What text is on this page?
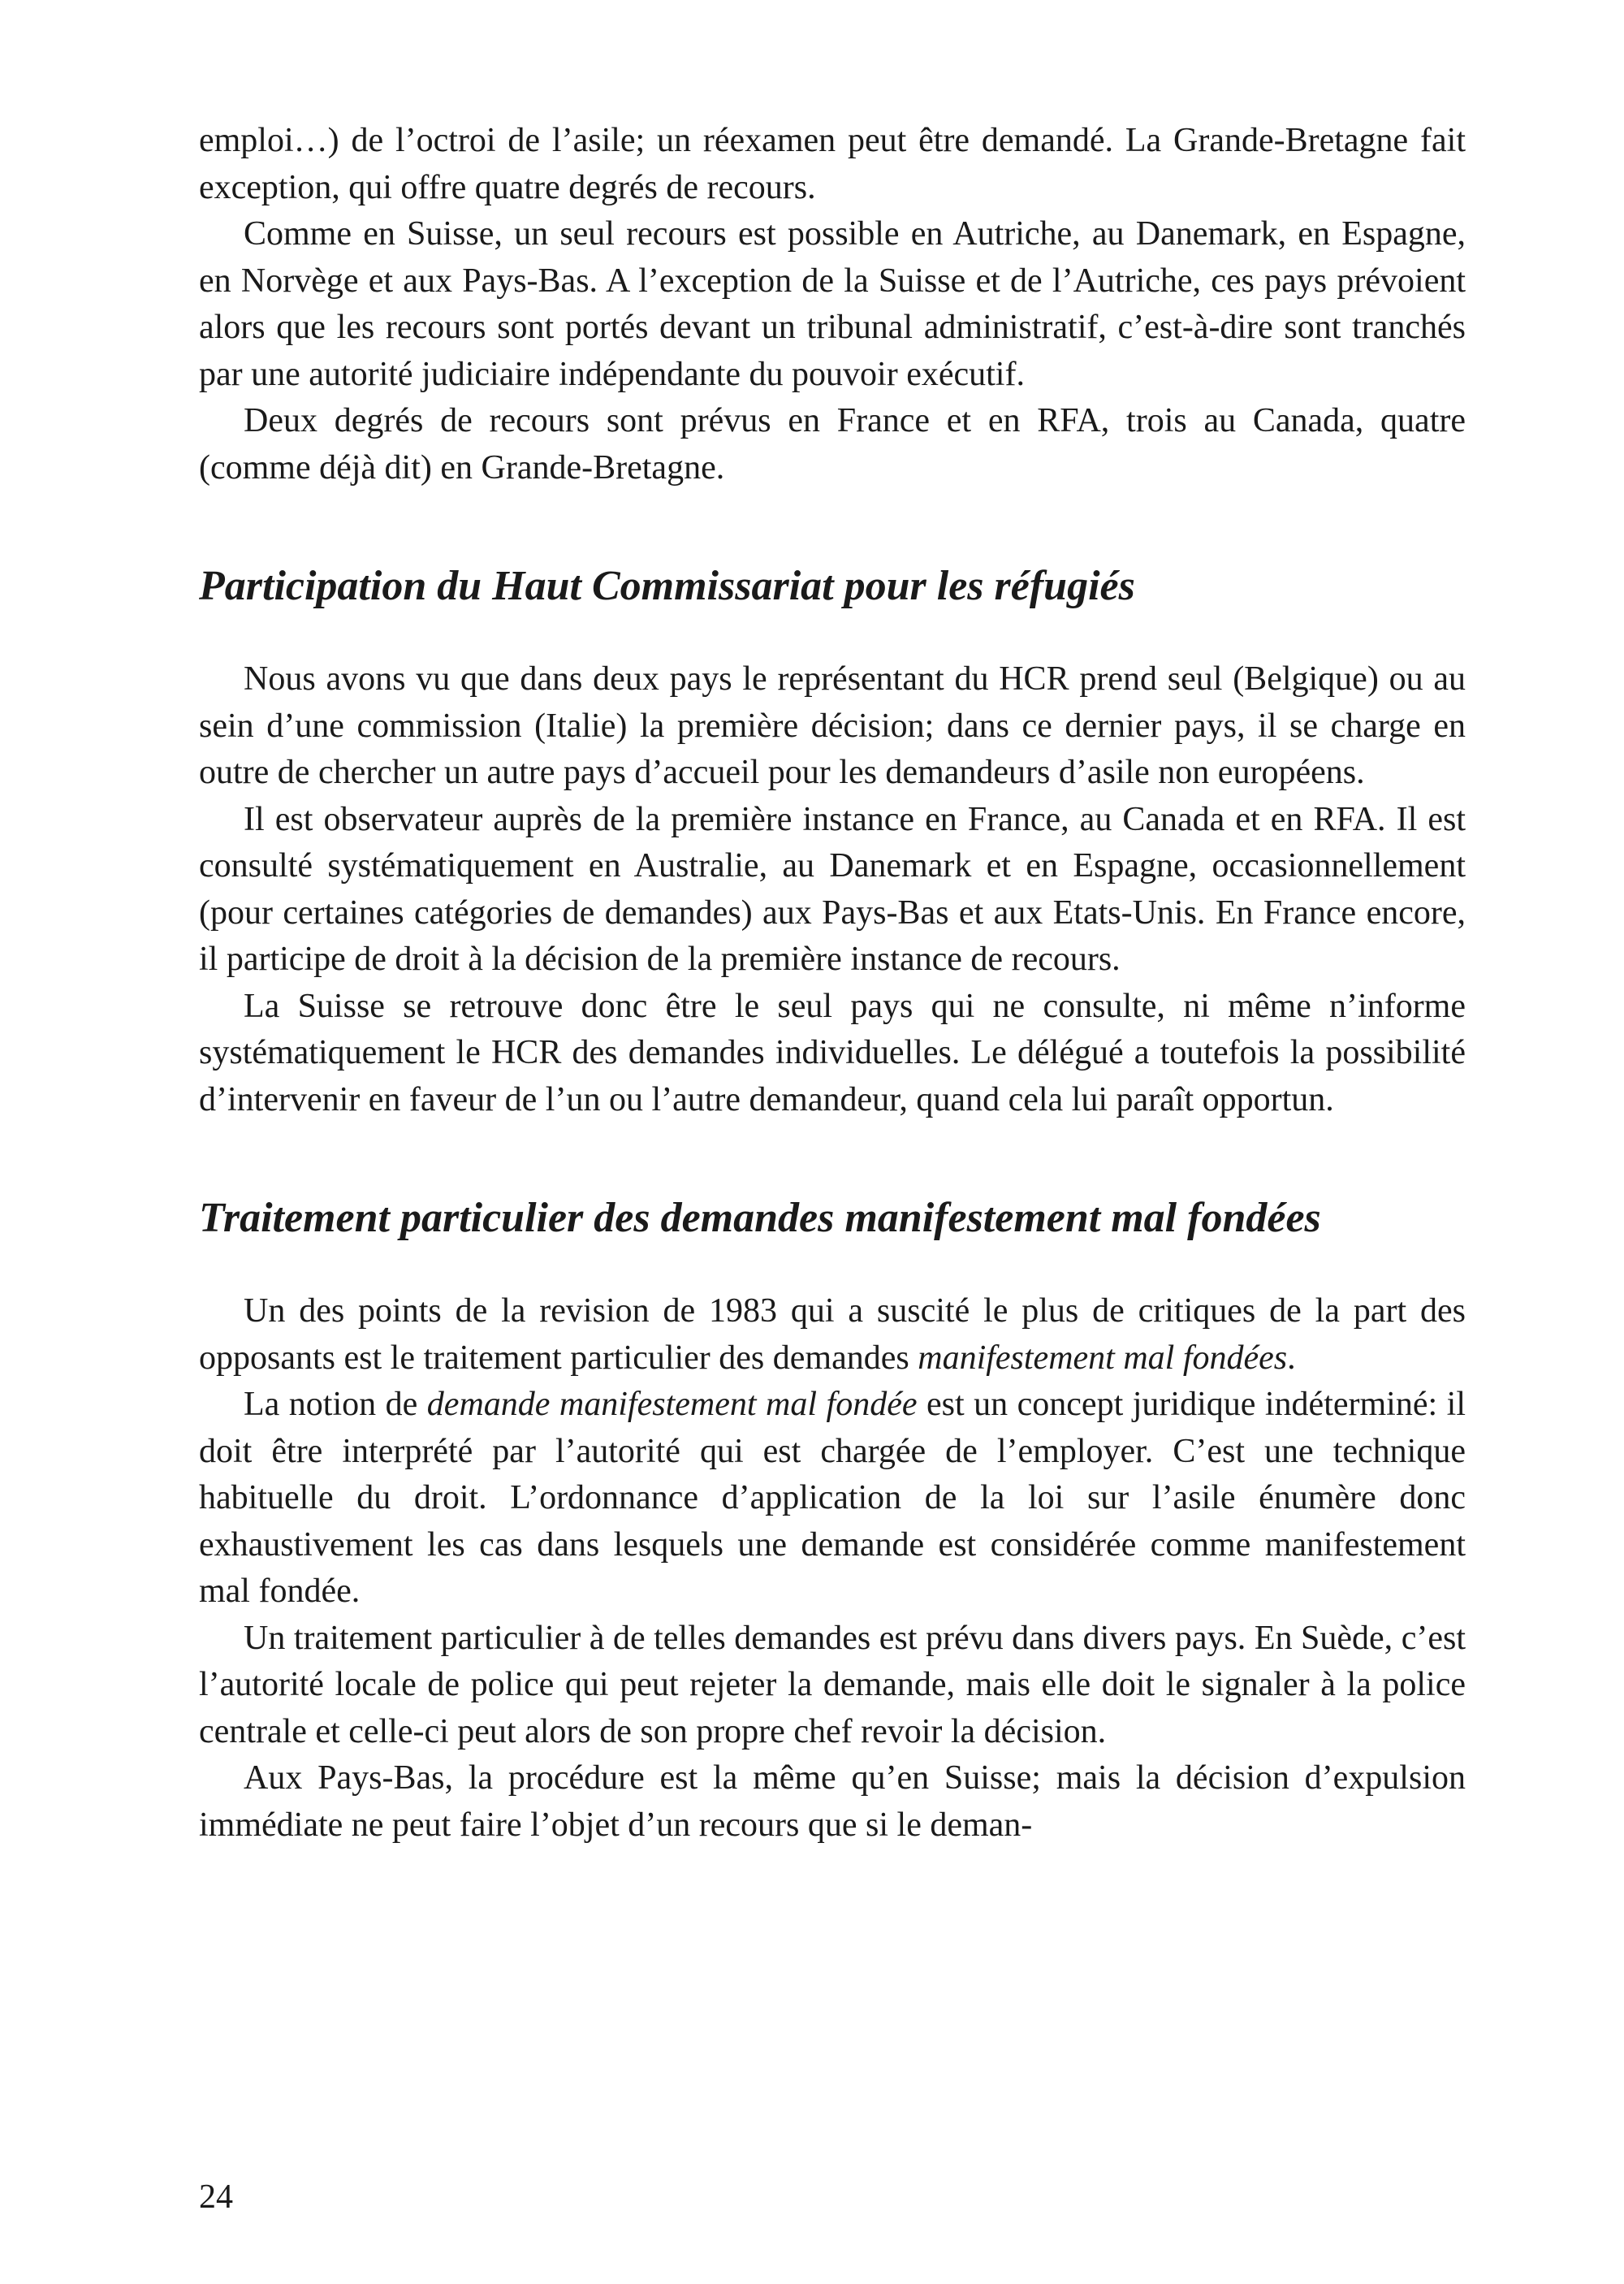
emploi…) de l’octroi de l’asile; un réexamen peut être demandé. La Grande-Bretagne fait exception, qui offre quatre degrés de recours.

Comme en Suisse, un seul recours est possible en Autriche, au Danemark, en Espagne, en Norvège et aux Pays-Bas. A l’exception de la Suisse et de l’Autriche, ces pays prévoient alors que les recours sont portés devant un tribunal administratif, c’est-à-dire sont tranchés par une autorité judiciaire indépendante du pouvoir exécutif.

Deux degrés de recours sont prévus en France et en RFA, trois au Canada, quatre (comme déjà dit) en Grande-Bretagne.

Participation du Haut Commissariat pour les réfugiés

Nous avons vu que dans deux pays le représentant du HCR prend seul (Belgique) ou au sein d’une commission (Italie) la première décision; dans ce dernier pays, il se charge en outre de chercher un autre pays d’accueil pour les demandeurs d’asile non européens.

Il est observateur auprès de la première instance en France, au Canada et en RFA. Il est consulté systématiquement en Australie, au Danemark et en Espagne, occasionnellement (pour certaines catégories de demandes) aux Pays-Bas et aux Etats-Unis. En France encore, il participe de droit à la décision de la première instance de recours.

La Suisse se retrouve donc être le seul pays qui ne consulte, ni même n’informe systématiquement le HCR des demandes individuelles. Le délégué a toutefois la possibilité d’intervenir en faveur de l’un ou l’autre demandeur, quand cela lui paraît opportun.

Traitement particulier des demandes manifestement mal fondées

Un des points de la revision de 1983 qui a suscité le plus de critiques de la part des opposants est le traitement particulier des demandes manifestement mal fondées.

La notion de demande manifestement mal fondée est un concept juridique indéterminé: il doit être interprété par l’autorité qui est chargée de l’employer. C’est une technique habituelle du droit. L’ordonnance d’application de la loi sur l’asile énumère donc exhaustivement les cas dans lesquels une demande est considérée comme manifestement mal fondée.

Un traitement particulier à de telles demandes est prévu dans divers pays. En Suède, c’est l’autorité locale de police qui peut rejeter la demande, mais elle doit le signaler à la police centrale et celle-ci peut alors de son propre chef revoir la décision.

Aux Pays-Bas, la procédure est la même qu’en Suisse; mais la décision d’expulsion immédiate ne peut faire l’objet d’un recours que si le deman-

24
